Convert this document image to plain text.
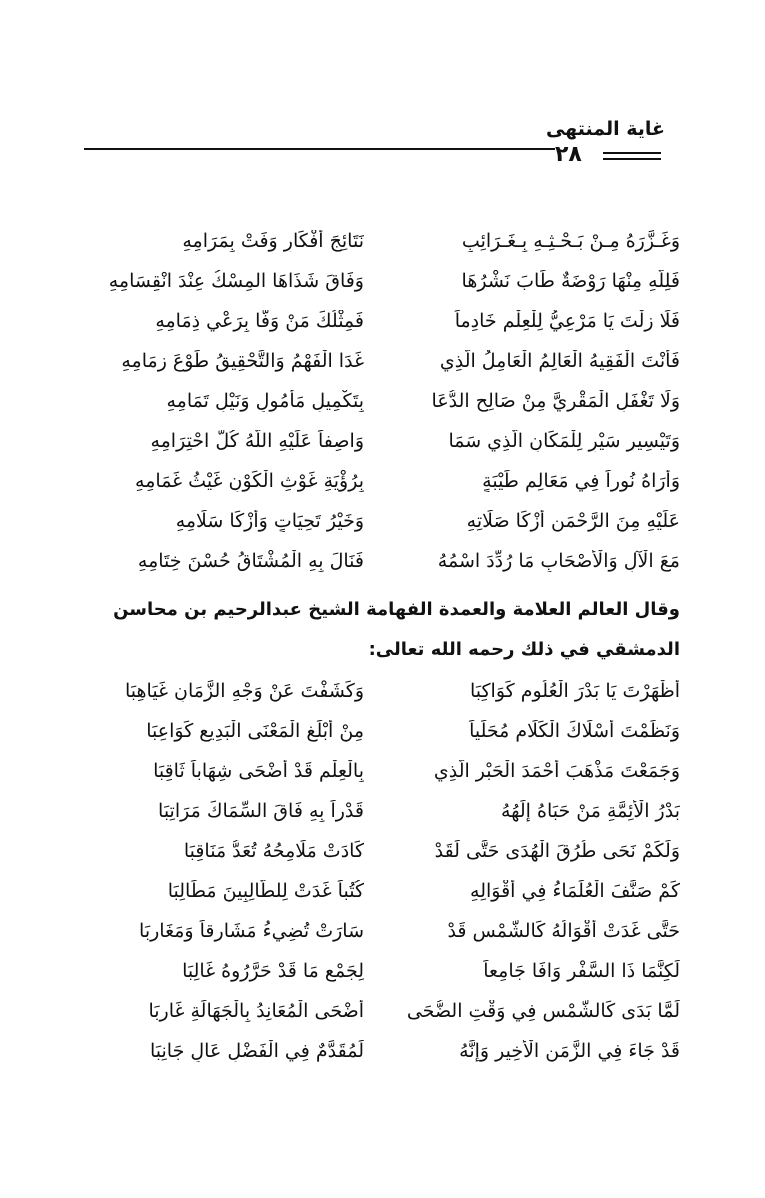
غاية المنتهى
٢٨
وَغَـزَّرَهُ مِـنْ بَـحْـثِـهِ بِـغَـرَائِبٍ
نَتَائِجَ أَفْكَارٍ وَفَتْ بِمَرَامِهِ
فَلِلَّهِ مِنْهَا رَوْضَةٌ طَابَ نَشْرُهَا
وَفَاقَ شَذَاهَا المِسْكُ عِنْدَ انْقِسَامِهِ
فَلَا زِلْتَ يَا مَرْعِيُّ لِلْعِلْمِ خَادِماً
فَمِثْلُكَ مَنْ وَفَّا بِرَعْيِ ذِمَامِهِ
فَأَنْتَ الْفَقِيهُ الْعَالِمُ الْعَامِلُ الَّذِي
غَدَا الْفَهْمُ وَالتَّحْقِيقُ طَوْعَ زِمَامِهِ
وَلَا تَغْفَلِ الْمَقْرِيَّ مِنْ صَالِحِ الدُّعَا
بِتَكْمِيلِ مَأْمُولٍ وَنَيْلِ تَمَامِهِ
وَتَيْسِيرِ سَيْرٍ لِلْمَكَانِ الَّذِي سَمَا
وَاصِفاً عَلَيْهِ اللَّهُ كُلَّ احْتِرَامِهِ
وَأَرَاهُ نُوراً فِي مَعَالِمِ طَيْبَةٍ
بِرُؤْيَةِ غَوْثِ الْكَوْنِ غَيْثُ غَمَامِهِ
عَلَيْهِ مِنَ الرَّحْمَنِ أَزْكَا صَلَاتِهِ
وَخَيْرُ تَحِيَاتٍ وَأَزْكَا سَلَامِهِ
مَعَ الْآلِ وَالْأَصْحَابِ مَا رُدِّدَ اسْمُهُ
فَنَالَ بِهِ الْمُشْتَاقُ حُسْنَ خِتَامِهِ
وقال العالم العلامة والعمدة الفهامة الشيخ عبدالرحيم بن محاسن
الدمشقي في ذلك رحمه الله تعالى:
أَظْهَرْتَ يَا بَدْرَ الْعُلُومِ كَوَاكِبَا
وَكَشَفْتَ عَنْ وَجْهِ الزَّمَانِ غَيَاهِبَا
وَنَظَمْتَ أَسْلَاكَ الْكَلَامِ مُحَلِّياً
مِنْ أَبْلَغِ الْمَعْنَى الْبَدِيعِ كَوَاعِبَا
وَجَمَعْتَ مَذْهَبَ أَحْمَدَ الْحَبْرِ الَّذِي
بِالْعِلْمِ قَدْ أَضْحَى شِهَاباً ثَاقِبَا
بَدْرُ الْأَئِمَّةِ مَنْ حَبَاهُ إِلَهُهُ
قَدْراً بِهِ فَاقَ السِّمَاكَ مَرَاتِبَا
وَلَكَمْ نَحَى طُرُقَ الْهُدَى حَتَّى لَقَدْ
كَادَتْ مَلَامِحُهُ تُعَدُّ مَنَاقِبَا
كَمْ صَنَّفَ الْعُلَمَاءُ فِي أَقْوَالِهِ
كُتُباً غَدَتْ لِلطَّالِبِينَ مَطَالِبَا
حَتَّى غَدَتْ أَقْوَالُهُ كَالشَّمْسِ قَدْ
سَارَتْ تُضِيءُ مَشَارِقاً وَمَغَارِبَا
لَكِنَّمَا ذَا السَّفْرِ وَافَا جَامِعاً
لِجَمْعِ مَا قَدْ حَرَّرُوهُ غَالِبَا
لَمَّا بَدَى كَالشَّمْسِ فِي وَقْتِ الضُّحَى
أَضْحَى الْمُعَانِدُ بِالْجَهَالَةِ غَارِبَا
قَدْ جَاءَ فِي الزَّمَنِ الْأَخِيرِ وَإِنَّهُ
لَمُقَدَّمٌ فِي الْفَضْلِ عَالٍ جَانِبَا
